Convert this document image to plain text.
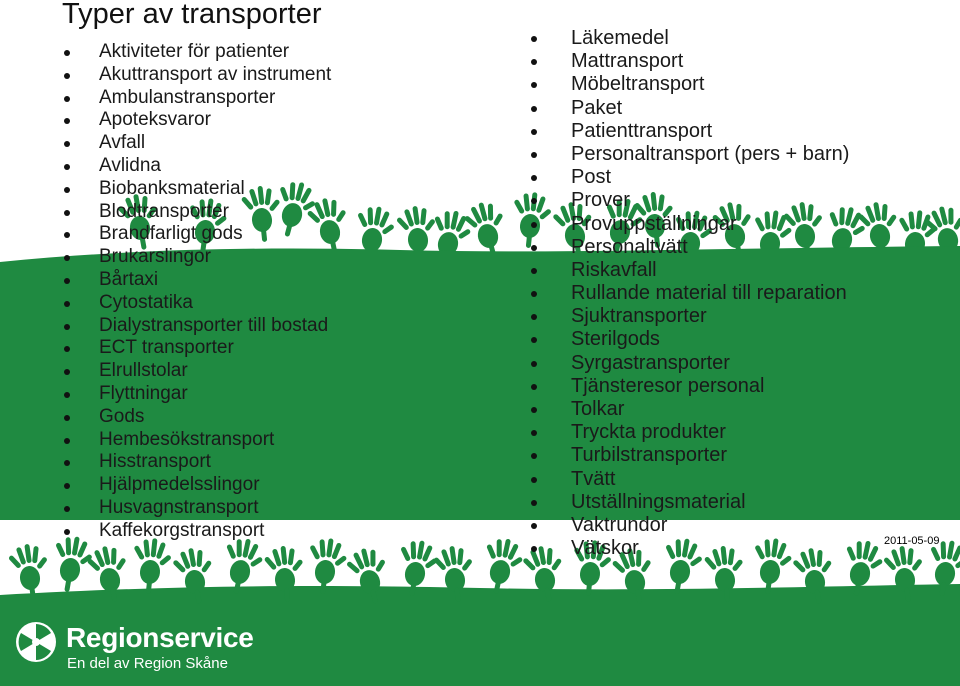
Typer av transporter
Aktiviteter för patienter
Akuttransport av instrument
Ambulanstransporter
Apoteksvaror
Avfall
Avlidna
Biobanksmaterial
Blodtransporter
Brandfarligt gods
Brukarslingor
Bårtaxi
Cytostatika
Dialystransporter till bostad
ECT transporter
Elrullstolar
Flyttningar
Gods
Hembesökstransport
Hisstransport
Hjälpmedelsslingor
Husvagnstransport
Kaffekorgstransport
Läkemedel
Mattransport
Möbeltransport
Paket
Patienttransport
Personaltransport (pers + barn)
Post
Prover
Provuppställningar
Personaltvätt
Riskavfall
Rullande material till reparation
Sjuktransporter
Sterilgods
Syrgastransporter
Tjänsteresor personal
Tolkar
Tryckta produkter
Turbilstransporter
Tvätt
Utställningsmaterial
Vaktrundor
Vätskor	2011-05-09
Regionservice
En del av Region Skåne
